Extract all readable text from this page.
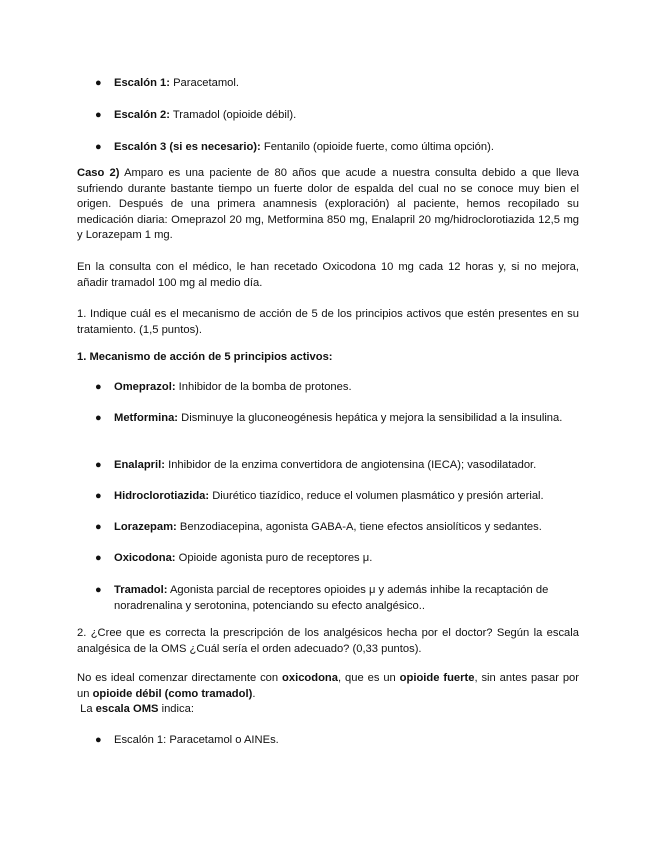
●	Escalón 1: Paracetamol.
●	Escalón 2: Tramadol (opioide débil).
●	Escalón 3 (si es necesario): Fentanilo (opioide fuerte, como última opción).

Caso 2) Amparo es una paciente de 80 años que acude a nuestra consulta debido a que lleva sufriendo durante bastante tiempo un fuerte dolor de espalda del cual no se conoce muy bien el origen. Después de una primera anamnesis (exploración) al paciente, hemos recopilado su medicación diaria: Omeprazol 20 mg, Metformina 850 mg, Enalapril 20 mg/hidroclorotiazida 12,5 mg y Lorazepam 1 mg.

En la consulta con el médico, le han recetado Oxicodona 10 mg cada 12 horas y, si no mejora, añadir tramadol 100 mg al medio día.

1. Indique cuál es el mecanismo de acción de 5 de los principios activos que estén presentes en su tratamiento. (1,5 puntos).

1. Mecanismo de acción de 5 principios activos:

●	Omeprazol: Inhibidor de la bomba de protones.
●	Metformina: Disminuye la gluconeogénesis hepática y mejora la sensibilidad a la insulina.
●	Enalapril: Inhibidor de la enzima convertidora de angiotensina (IECA); vasodilatador.
●	Hidroclorotiazida: Diurético tiazídico, reduce el volumen plasmático y presión arterial.
●	Lorazepam: Benzodiacepina, agonista GABA-A, tiene efectos ansiolíticos y sedantes.
●	Oxicodona: Opioide agonista puro de receptores μ.
●	Tramadol: Agonista parcial de receptores opioides μ y además inhibe la recaptación de noradrenalina y serotonina, potenciando su efecto analgésico..

2. ¿Cree que es correcta la prescripción de los analgésicos hecha por el doctor? Según la escala analgésica de la OMS ¿Cuál sería el orden adecuado? (0,33 puntos).

No es ideal comenzar directamente con oxicodona, que es un opioide fuerte, sin antes pasar por un opioide débil (como tramadol).

La escala OMS indica:

●	Escalón 1: Paracetamol o AINEs.
